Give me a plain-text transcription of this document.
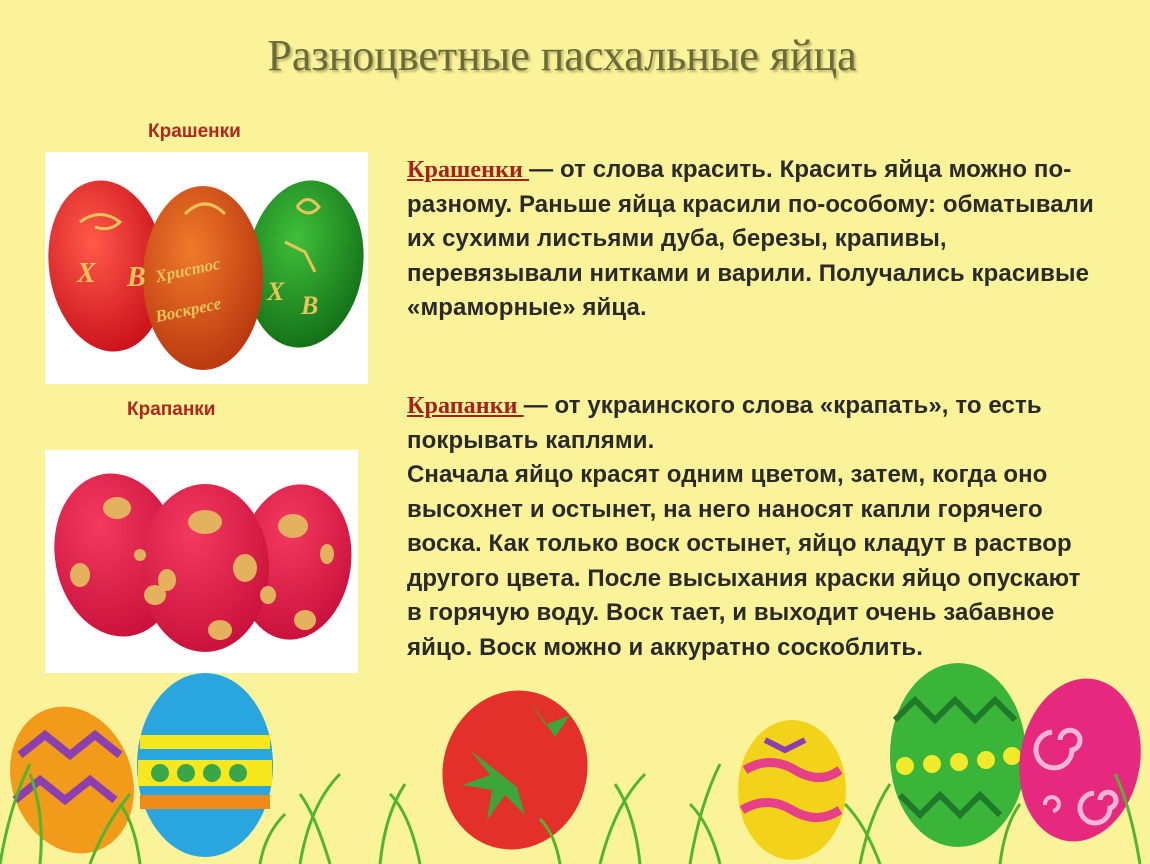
Разноцветные пасхальные яйца
Крашенки
Х В Христос
Воскресе
Х В
Крапанки
Крашенки — от слова красить. Красить яйца можно по-разному. Раньше яйца красили по-особому: обматывали их сухими листьями дуба, березы, крапивы, перевязывали нитками и варили. Получались красивые «мраморные» яйца.
Крапанки — от украинского слова «крапать», то есть покрывать каплями.
Сначала яйцо красят одним цветом, затем, когда оно высохнет и остынет, на него наносят капли горячего воска. Как только воск остынет, яйцо кладут в раствор другого цвета. После высыхания краски яйцо опускают в горячую воду. Воск тает, и выходит очень забавное яйцо. Воск можно и аккуратно соскоблить.
